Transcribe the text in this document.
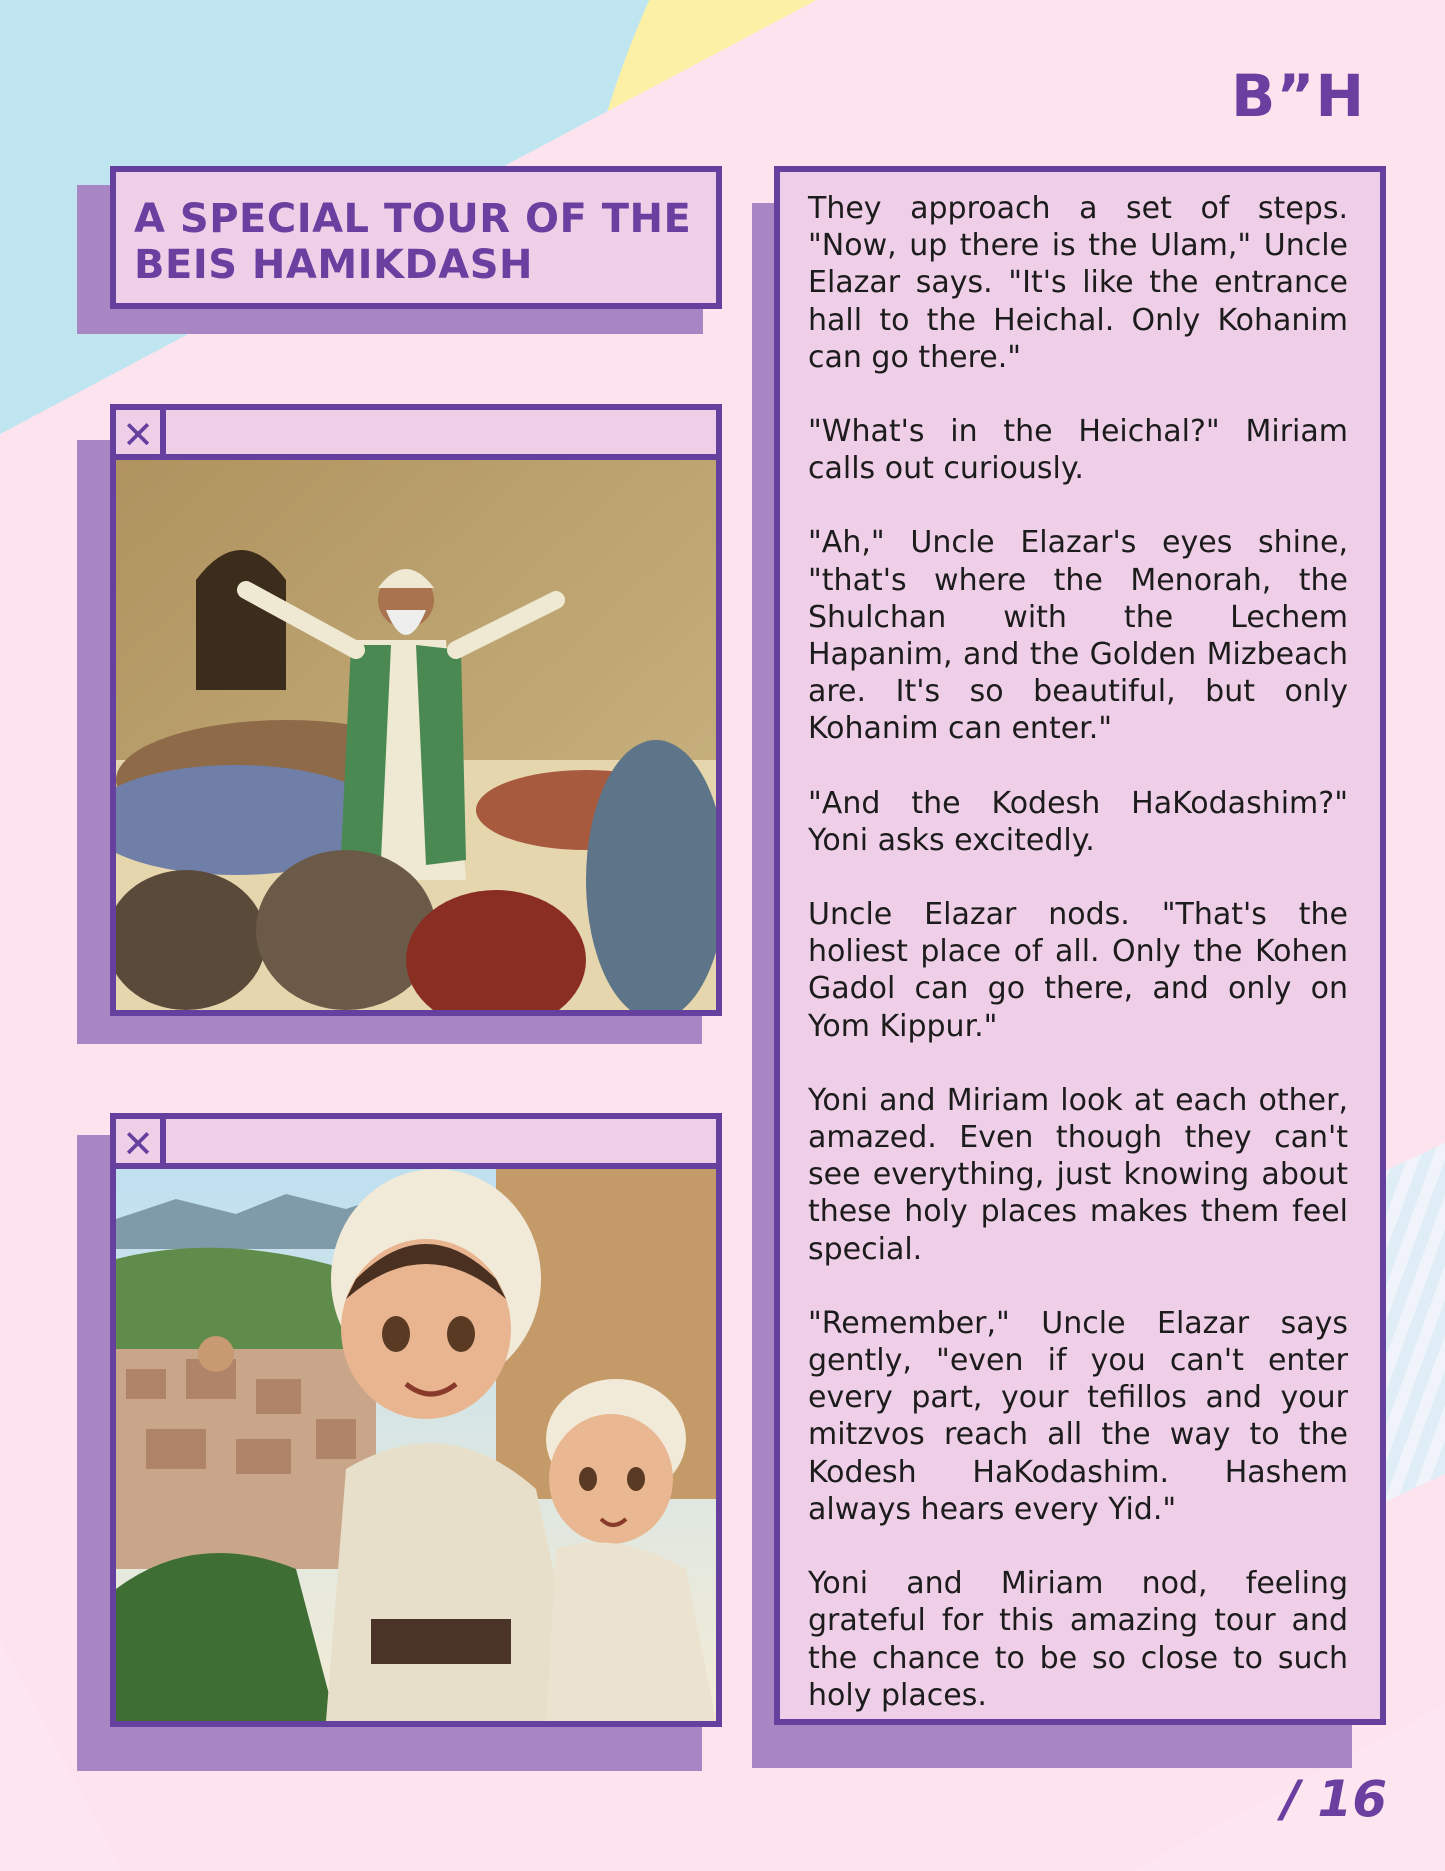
B”H
A SPECIAL TOUR OF THE BEIS HAMIKDASH
✕
✕

They approach a set of steps. "Now, up there is the Ulam," Uncle Elazar says. "It's like the entrance hall to the Heichal. Only Kohanim can go there."

"What's in the Heichal?" Miriam calls out curiously.

"Ah," Uncle Elazar's eyes shine, "that's where the Menorah, the Shulchan with the Lechem Hapanim, and the Golden Mizbeach are. It's so beautiful, but only Kohanim can enter."

"And the Kodesh HaKodashim?" Yoni asks excitedly.

Uncle Elazar nods. "That's the holiest place of all. Only the Kohen Gadol can go there, and only on Yom Kippur."

Yoni and Miriam look at each other, amazed. Even though they can't see everything, just knowing about these holy places makes them feel special.

"Remember," Uncle Elazar says gently, "even if you can't enter every part, your tefillos and your mitzvos reach all the way to the Kodesh HaKodashim. Hashem always hears every Yid."

Yoni and Miriam nod, feeling grateful for this amazing tour and the chance to be so close to such holy places.

/ 16
